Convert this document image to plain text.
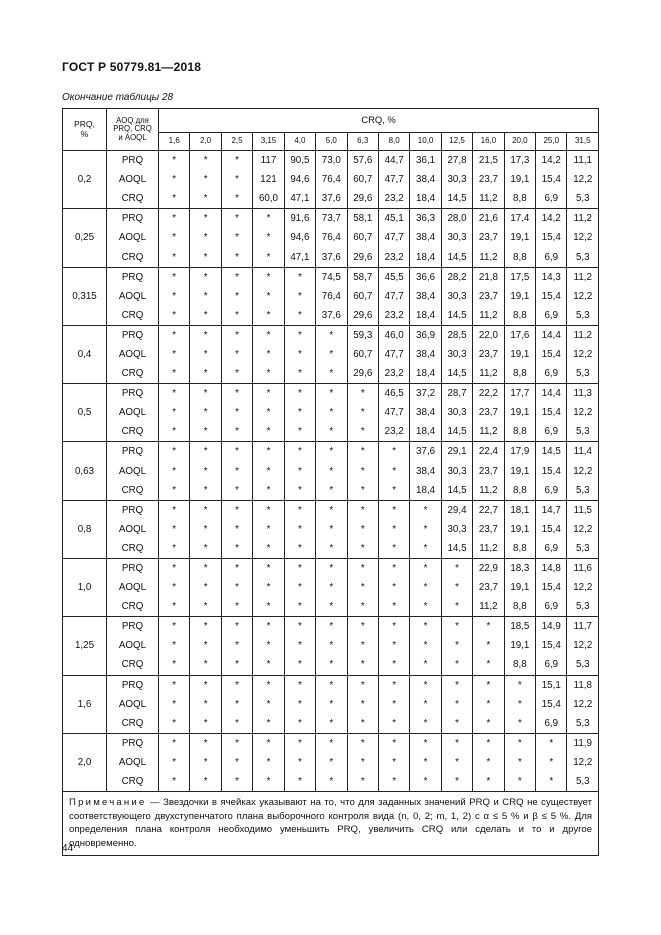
ГОСТ Р 50779.81—2018
Окончание таблицы 28
PRQ, %	AOQ для PRQ, CRQ и AOQL	CRQ, %													
		1,6	2,0	2,5	3,15	4,0	5,0	6,3	8,0	10,0	12,5	16,0	20,0	25,0	31,5
0,2	PRQ	*	*	*	117	90,5	73,0	57,6	44,7	36,1	27,8	21,5	17,3	14,2	11,1
	AOQL	*	*	*	121	94,6	76,4	60,7	47,7	38,4	30,3	23,7	19,1	15,4	12,2
	CRQ	*	*	*	60,0	47,1	37,6	29,6	23,2	18,4	14,5	11,2	8,8	6,9	5,3
0,25	PRQ	*	*	*	*	91,6	73,7	58,1	45,1	36,3	28,0	21,6	17,4	14,2	11,2
	AOQL	*	*	*	*	94,6	76,4	60,7	47,7	38,4	30,3	23,7	19,1	15,4	12,2
	CRQ	*	*	*	*	47,1	37,6	29,6	23,2	18,4	14,5	11,2	8,8	6,9	5,3
0,315	PRQ	*	*	*	*	*	74,5	58,7	45,5	36,6	28,2	21,8	17,5	14,3	11,2
	AOQL	*	*	*	*	*	76,4	60,7	47,7	38,4	30,3	23,7	19,1	15,4	12,2
	CRQ	*	*	*	*	*	37,6	29,6	23,2	18,4	14,5	11,2	8,8	6,9	5,3
0,4	PRQ	*	*	*	*	*	*	59,3	46,0	36,9	28,5	22,0	17,6	14,4	11,2
	AOQL	*	*	*	*	*	*	60,7	47,7	38,4	30,3	23,7	19,1	15,4	12,2
	CRQ	*	*	*	*	*	*	29,6	23,2	18,4	14,5	11,2	8,8	6,9	5,3
0,5	PRQ	*	*	*	*	*	*	*	46,5	37,2	28,7	22,2	17,7	14,4	11,3
	AOQL	*	*	*	*	*	*	*	47,7	38,4	30,3	23,7	19,1	15,4	12,2
	CRQ	*	*	*	*	*	*	*	23,2	18,4	14,5	11,2	8,8	6,9	5,3
0,63	PRQ	*	*	*	*	*	*	*	*	37,6	29,1	22,4	17,9	14,5	11,4
	AOQL	*	*	*	*	*	*	*	*	38,4	30,3	23,7	19,1	15,4	12,2
	CRQ	*	*	*	*	*	*	*	*	18,4	14,5	11,2	8,8	6,9	5,3
0,8	PRQ	*	*	*	*	*	*	*	*	*	29,4	22,7	18,1	14,7	11,5
	AOQL	*	*	*	*	*	*	*	*	*	30,3	23,7	19,1	15,4	12,2
	CRQ	*	*	*	*	*	*	*	*	*	14,5	11,2	8,8	6,9	5,3
1,0	PRQ	*	*	*	*	*	*	*	*	*	*	22,9	18,3	14,8	11,6
	AOQL	*	*	*	*	*	*	*	*	*	*	23,7	19,1	15,4	12,2
	CRQ	*	*	*	*	*	*	*	*	*	*	11,2	8,8	6,9	5,3
1,25	PRQ	*	*	*	*	*	*	*	*	*	*	*	18,5	14,9	11,7
	AOQL	*	*	*	*	*	*	*	*	*	*	*	19,1	15,4	12,2
	CRQ	*	*	*	*	*	*	*	*	*	*	*	8,8	6,9	5,3
1,6	PRQ	*	*	*	*	*	*	*	*	*	*	*	*	15,1	11,8
	AOQL	*	*	*	*	*	*	*	*	*	*	*	*	15,4	12,2
	CRQ	*	*	*	*	*	*	*	*	*	*	*	*	6,9	5,3
2,0	PRQ	*	*	*	*	*	*	*	*	*	*	*	*	*	11,9
	AOQL	*	*	*	*	*	*	*	*	*	*	*	*	*	12,2
	CRQ	*	*	*	*	*	*	*	*	*	*	*	*	*	5,3
Примечание — Звездочки в ячейках указывают на то, что для заданных значений PRQ и CRQ не существует соответствующего двухступенчатого плана выборочного контроля вида (n, 0, 2; m, 1, 2) с α ≤ 5 % и β ≤ 5 %. Для определения плана контроля необходимо уменьшить PRQ, увеличить CRQ или сделать и то и другое одновременно.															
44
